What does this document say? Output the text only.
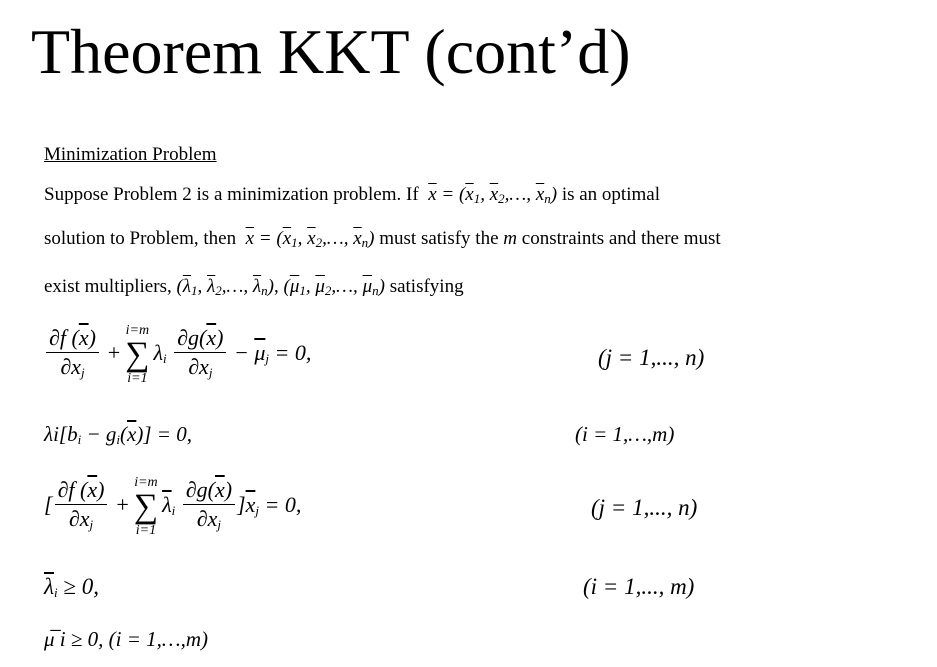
Theorem KKT (cont’d)
Minimization Problem
Suppose Problem 2 is a minimization problem. If $\overline{x} = (\overline{x}_1$, $\overline{x}_2,\dots$, $\overline{x}_n$) is an optimal
solution to Problem, then $\overline{x} = (\overline{x}_1$, $\overline{x}_2,\dots$, $\overline{x}_n$) must satisfy the m constraints and there must
exist multipliers, ($\overline{\lambda}_1$, $\overline{\lambda}_2,\dots$, $\overline{\lambda}_n$), ($\overline{\mu}_1$, $\overline{\mu}_2,\dots$, $\overline{\mu}_n$) satisfying
$\frac{\partial f (\overline{x})}{\partial x_j}$ +
i=m
∑
i=1
$\lambda_i \frac{\partial g(\overline{x})}{\partial x_j} - \overline{\mu}_j = 0$,	(j = 1,..., n)
$\lambda i[b_i - g_i(\overline{x})] = 0$,	(i = 1,…,m)
[ $\frac{\partial f (\overline{x})}{\partial x_j}$ +
i=m
∑
i=1
$\overline{\lambda}_i \frac{\partial g(\overline{x})}{\partial x_j} ]\overline{x}_j = 0$,	(j = 1,..., n)
$\overline{\lambda}_i \ge 0$,	(i = 1,..., m)
μ̅ i ≥ 0, (i = 1,…,m)
